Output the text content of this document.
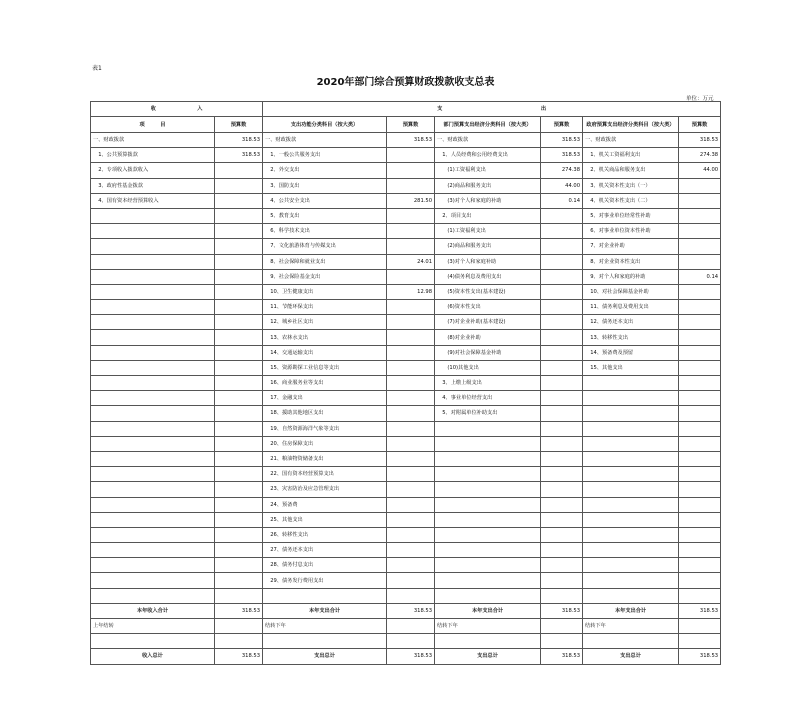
表1
2020年部门综合预算财政拨款收支总表
单位：万元
收　　　　　　　　入		支　　　　　　　　　　　　　　　　　　　出					
项　　　目	预算数	支出功能分类科目（按大类）	预算数	部门预算支出经济分类科目（按大类）	预算数	政府预算支出经济分类科目（按大类）	预算数
一、财政拨款	318.53	一、财政拨款	318.53	一、财政拨款	318.53	一、财政拨款	318.53
　1、公共预算拨款	318.53	　1、一般公共服务支出		　1、人员经费和公用经费支出	318.53	　1、机关工资福利支出	274.38
　2、专项收入拨款收入		　2、外交支出		　　(1)工资福利支出	274.38	　2、机关商品和服务支出	44.00
　3、政府性基金拨款		　3、国防支出		　　(2)商品和服务支出	44.00	　3、机关资本性支出（一）	
　4、国有资本经营预算收入		　4、公共安全支出	281.50	　　(3)对个人和家庭的补助	0.14	　4、机关资本性支出（二）	
		　5、教育支出		　2、项目支出		　5、对事业单位经常性补助	
		　6、科学技术支出		　　(1)工资福利支出		　6、对事业单位资本性补助	
		　7、文化旅游体育与传媒支出		　　(2)商品和服务支出		　7、对企业补助	
		　8、社会保障和就业支出	24.01	　　(3)对个人和家庭补助		　8、对企业资本性支出	
		　9、社会保险基金支出		　　(4)债务利息及费用支出		　9、对个人和家庭的补助	0.14
		　10、卫生健康支出	12.98	　　(5)资本性支出(基本建设)		　10、对社会保障基金补助	
		　11、节能环保支出		　　(6)资本性支出		　11、债务利息及费用支出	
		　12、城乡社区支出		　　(7)对企业补助(基本建设)		　12、债务还本支出	
		　13、农林水支出		　　(8)对企业补助		　13、转移性支出	
		　14、交通运输支出		　　(9)对社会保障基金补助		　14、预备费及预留	
		　15、资源勘探工业信息等支出		　　(10)其他支出		　15、其他支出	
		　16、商业服务业等支出		　3、上缴上级支出			
		　17、金融支出		　4、事业单位经营支出			
		　18、援助其他地区支出		　5、对附属单位补助支出			
		　19、自然资源海洋气象等支出					
		　20、住房保障支出					
		　21、粮油物资储备支出					
		　22、国有资本经营预算支出					
		　23、灾害防治及应急管理支出					
		　24、预备费					
		　25、其他支出					
		　26、转移性支出					
		　27、债务还本支出					
		　28、债务付息支出					
		　29、债务发行费用支出					

本年收入合计	318.53	本年支出合计	318.53	本年支出合计	318.53	本年支出合计	318.53
上年结转		结转下年		结转下年		结转下年	

收入总计	318.53	支出总计	318.53	支出总计	318.53	支出总计	318.53
